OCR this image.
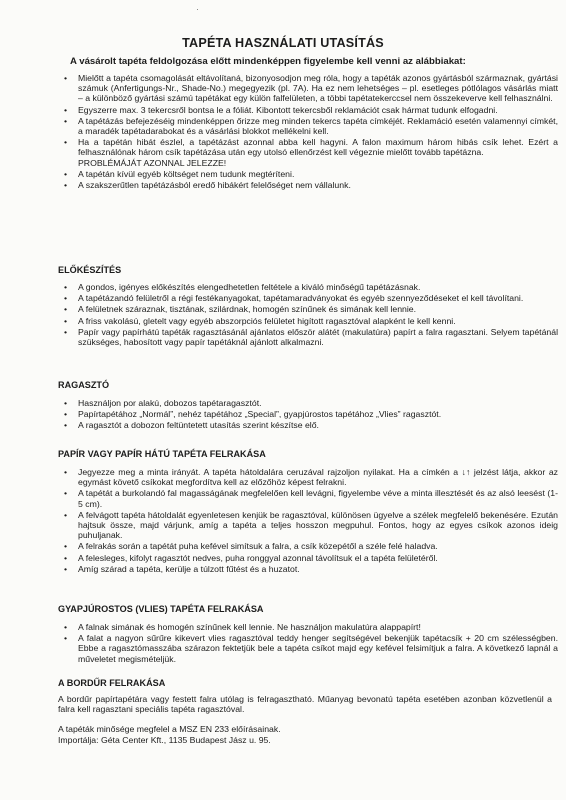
·
TAPÉTA HASZNÁLATI UTASÍTÁS
A vásárolt tapéta feldolgozása előtt mindenképpen figyelembe kell venni az alábbiakat:
• Mielőtt a tapéta csomagolását eltávolítaná, bizonyosodjon meg róla, hogy a tapéták azonos gyártásból származnak, gyártási számuk (Anfertigungs-Nr., Shade-No.) megegyezik (pl. 7A). Ha ez nem lehetséges – pl. esetleges pótlólagos vásárlás miatt – a különböző gyártási számú tapétákat egy külön falfelületen, a többi tapétatekerccsel nem összekeverve kell felhasználni.
• Egyszerre max. 3 tekercsről bontsa le a fóliát. Kibontott tekercsből reklamációt csak hármat tudunk elfogadni.
• A tapétázás befejezéséig mindenképpen őrizze meg minden tekercs tapéta címkéjét. Reklamáció esetén valamennyi címkét, a maradék tapétadarabokat és a vásárlási blokkot mellékelni kell.
• Ha a tapétán hibát észlel, a tapétázást azonnal abba kell hagyni. A falon maximum három hibás csík lehet. Ezért a felhasználónak három csík tapétázása után egy utolsó ellenőrzést kell végeznie mielőtt tovább tapétázna.
PROBLÉMÁJÁT AZONNAL JELEZZE!
• A tapétán kívül egyéb költséget nem tudunk megtéríteni.
• A szakszerűtlen tapétázásból eredő hibákért felelőséget nem vállalunk.
ELŐKÉSZÍTÉS
• A gondos, igényes előkészítés elengedhetetlen feltétele a kiváló minőségű tapétázásnak.
• A tapétázandó felületről a régi festékanyagokat, tapétamaradványokat és egyéb szennyeződéseket el kell távolítani.
• A felületnek száraznak, tisztának, szilárdnak, homogén színűnek és simának kell lennie.
• A friss vakolású, gletelt vagy egyéb abszorpciós felületet higított ragasztóval alapként le kell kenni.
• Papír vagy papírhátú tapéták ragasztásánál ajánlatos először alátét (makulatúra) papírt a falra ragasztani. Selyem tapétánál szükséges, habosított vagy papír tapétáknál ajánlott alkalmazni.
RAGASZTÓ
• Használjon por alakú, dobozos tapétaragasztót.
• Papírtapétához „Normál”, nehéz tapétához „Special”, gyapjúrostos tapétához „Vlies” ragasztót.
• A ragasztót a dobozon feltüntetett utasítás szerint készítse elő.
PAPÍR VAGY PAPÍR HÁTÚ TAPÉTA FELRAKÁSA
• Jegyezze meg a minta irányát. A tapéta hátoldalára ceruzával rajzoljon nyilakat. Ha a címkén a ↓↑ jelzést látja, akkor az egymást követő csíkokat megfordítva kell az előzőhöz képest felrakni.
• A tapétát a burkolandó fal magasságának megfelelően kell levágni, figyelembe véve a minta illesztését és az alsó leesést (1-5 cm).
• A felvágott tapéta hátoldalát egyenletesen kenjük be ragasztóval, különösen ügyelve a szélek megfelelő bekenésére. Ezután hajtsuk össze, majd várjunk, amíg a tapéta a teljes hosszon megpuhul. Fontos, hogy az egyes csíkok azonos ideig puhuljanak.
• A felrakás során a tapétát puha kefével simítsuk a falra, a csík közepétől a széle felé haladva.
• A felesleges, kifolyt ragasztót nedves, puha ronggyal azonnal távolítsuk el a tapéta felületéről.
• Amíg szárad a tapéta, kerülje a túlzott fűtést és a huzatot.
GYAPJÚROSTOS (VLIES) TAPÉTA FELRAKÁSA
• A falnak simának és homogén színűnek kell lennie. Ne használjon makulatúra alappapírt!
• A falat a nagyon sűrűre kikevert vlies ragasztóval teddy henger segítségével bekenjük tapétacsík + 20 cm szélességben. Ebbe a ragasztómasszába szárazon fektetjük bele a tapéta csíkot majd egy kefével felsimítjuk a falra. A következő lapnál a műveletet megismételjük.
A BORDŰR FELRAKÁSA
A bordűr papírtapétára vagy festett falra utólag is felragasztható. Műanyag bevonatú tapéta esetében azonban közvetlenül a falra kell ragasztani speciális tapéta ragasztóval.
A tapéták minősége megfelel a MSZ EN 233 előírásainak.
Importálja: Géta Center Kft., 1135 Budapest Jász u. 95.
